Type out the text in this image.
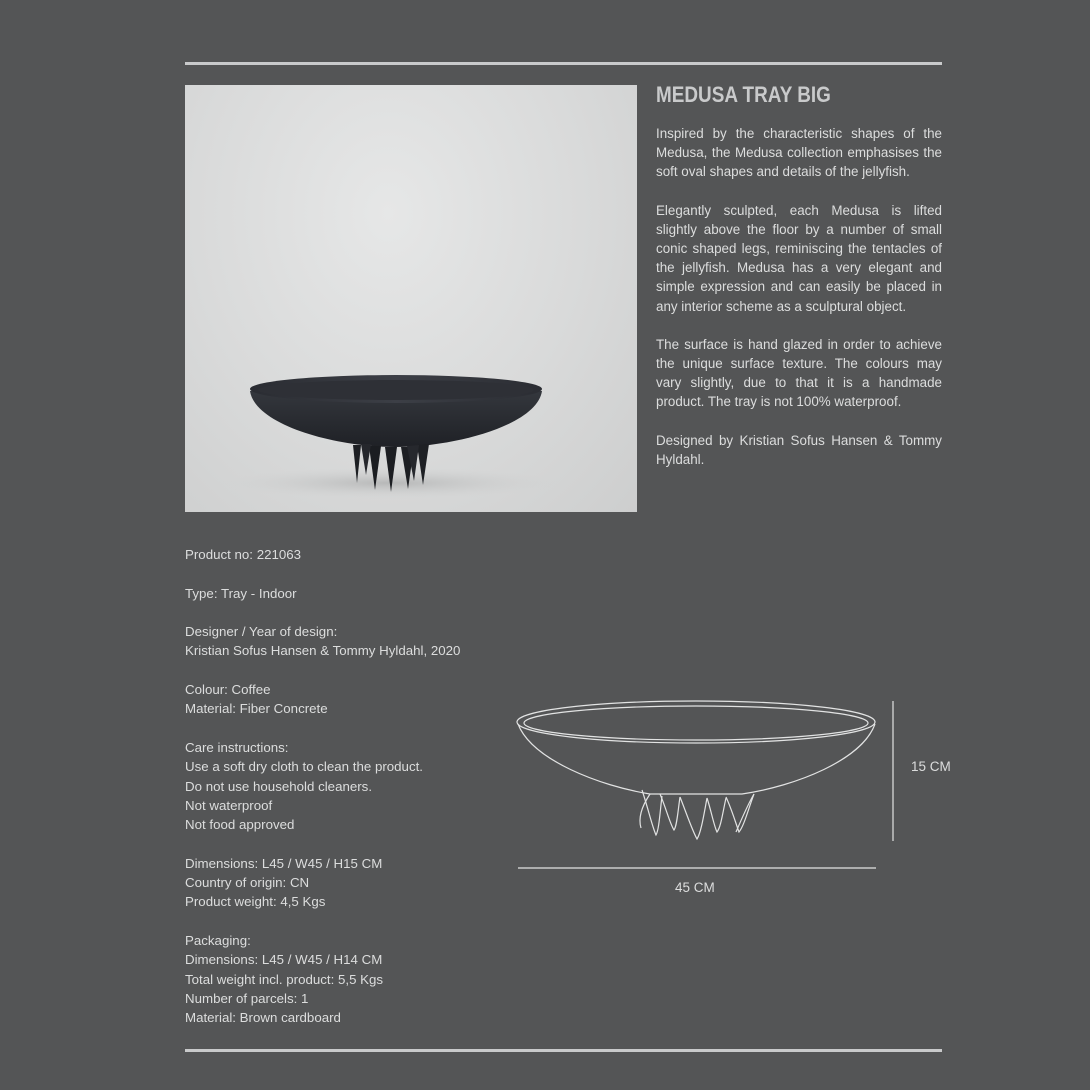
MEDUSA TRAY BIG

Inspired by the characteristic shapes of the Medusa, the Medusa collection emphasises the soft oval shapes and details of the jellyfish.

Elegantly sculpted, each Medusa is lifted slightly above the floor by a number of small conic shaped legs, reminiscing the tentacles of the jellyfish. Medusa has a very elegant and simple expression and can easily be placed in any interior scheme as a sculptural object.

The surface is hand glazed in order to achieve the unique surface texture. The colours may vary slightly, due to that it is a handmade product. The tray is not 100% waterproof.

Designed by Kristian Sofus Hansen & Tommy Hyldahl.

Product no: 221063
Type: Tray - Indoor
Designer / Year of design:
Kristian Sofus Hansen & Tommy Hyldahl, 2020
Colour: Coffee
Material: Fiber Concrete
Care instructions:
Use a soft dry cloth to clean the product.
Do not use household cleaners.
Not waterproof
Not food approved
Dimensions: L45 / W45 / H15 CM
Country of origin: CN
Product weight: 4,5 Kgs
Packaging:
Dimensions: L45 / W45 / H14 CM
Total weight incl. product: 5,5 Kgs
Number of parcels: 1
Material: Brown cardboard
15 CM
45 CM
